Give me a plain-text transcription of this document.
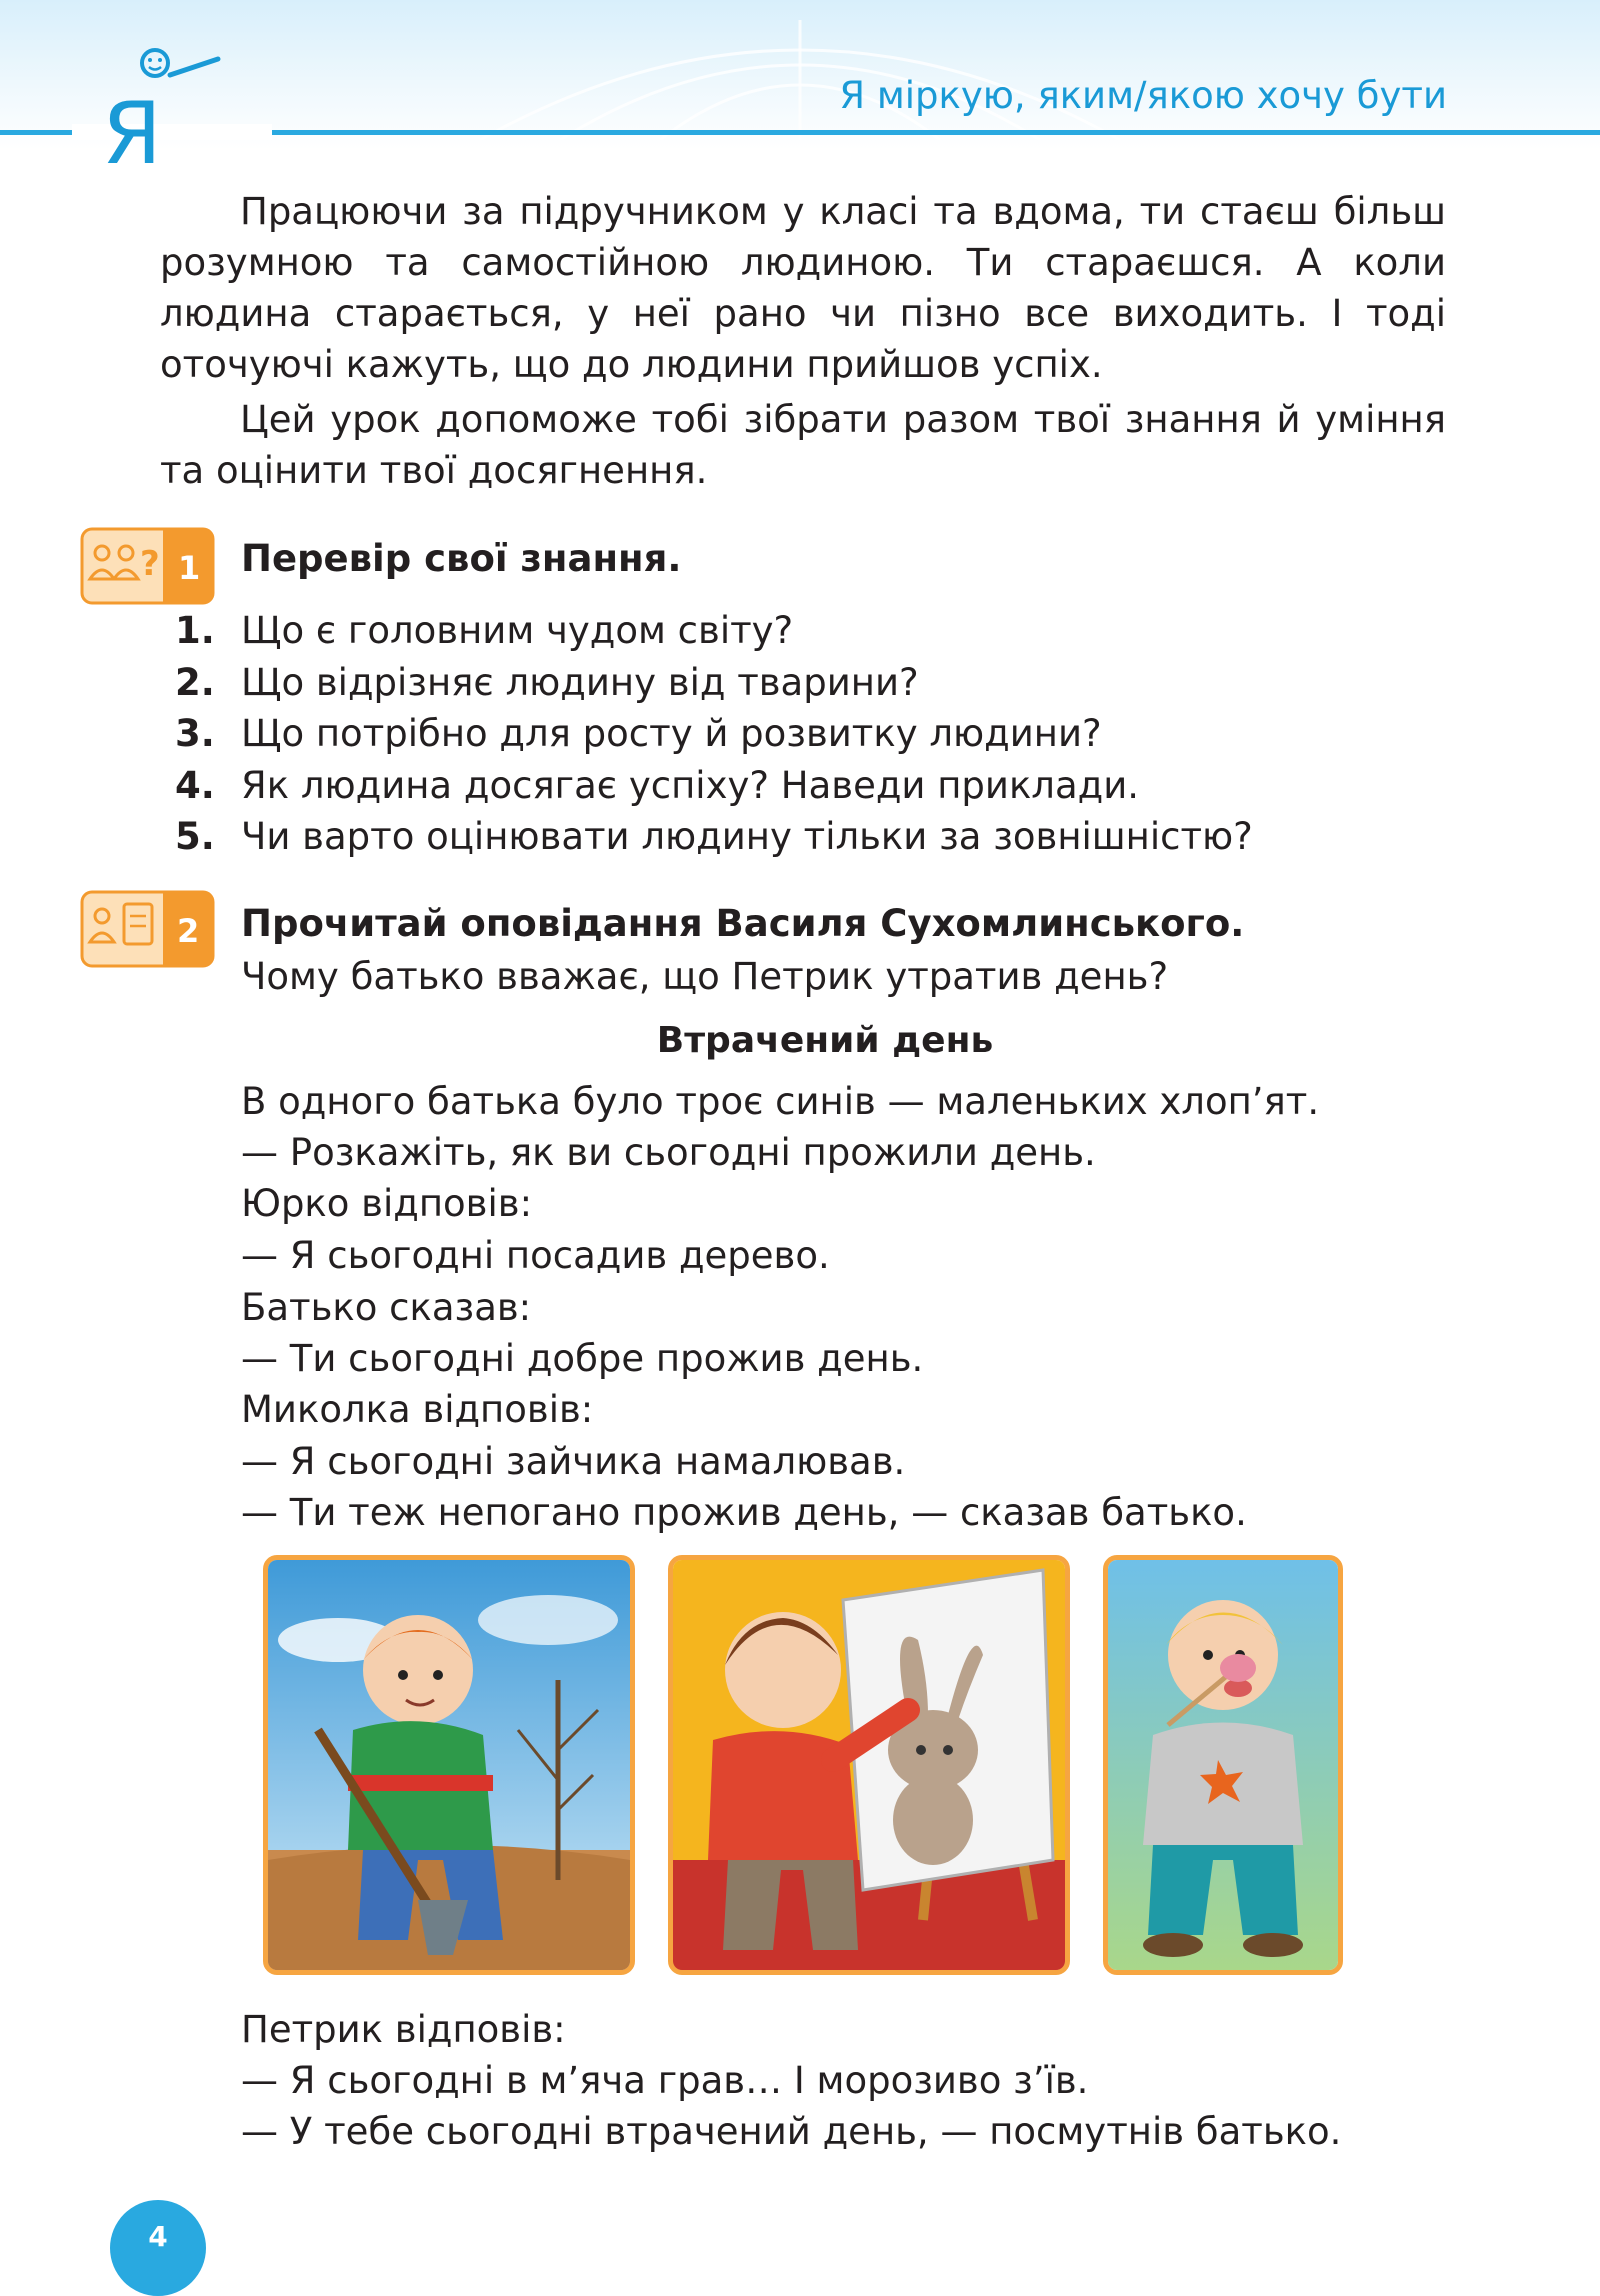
Я	Я міркую, яким/якою хочу бути

Працюючи за підручником у класі та вдома, ти стаєш більш розумною та самостійною людиною. Ти стараєшся. А коли людина старається, у неї рано чи пізно все виходить. І тоді оточуючі кажуть, що до людини прийшов успіх.

Цей урок допоможе тобі зібрати разом твої знання й уміння та оцінити твої досягнення.

? 1 Перевір свої знання.
1. Що є головним чудом світу?
2. Що відрізняє людину від тварини?
3. Що потрібно для росту й розвитку людини?
4. Як людина досягає успіху? Наведи приклади.
5. Чи варто оцінювати людину тільки за зовнішністю?
2 Прочитай оповідання Василя Сухомлинського.
Чому батько вважає, що Петрик утратив день?
Втрачений день
В одного батька було троє синів — маленьких хлоп’ят.
— Розкажіть, як ви сьогодні прожили день.
Юрко відповів:
— Я сьогодні посадив дерево.
Батько сказав:
— Ти сьогодні добре прожив день.
Миколка відповів:
— Я сьогодні зайчика намалював.
— Ти теж непогано прожив день, — сказав батько.
Петрик відповів:
— Я сьогодні в м’яча грав… І морозиво з’їв.
— У тебе сьогодні втрачений день, — посмутнів батько.
4
